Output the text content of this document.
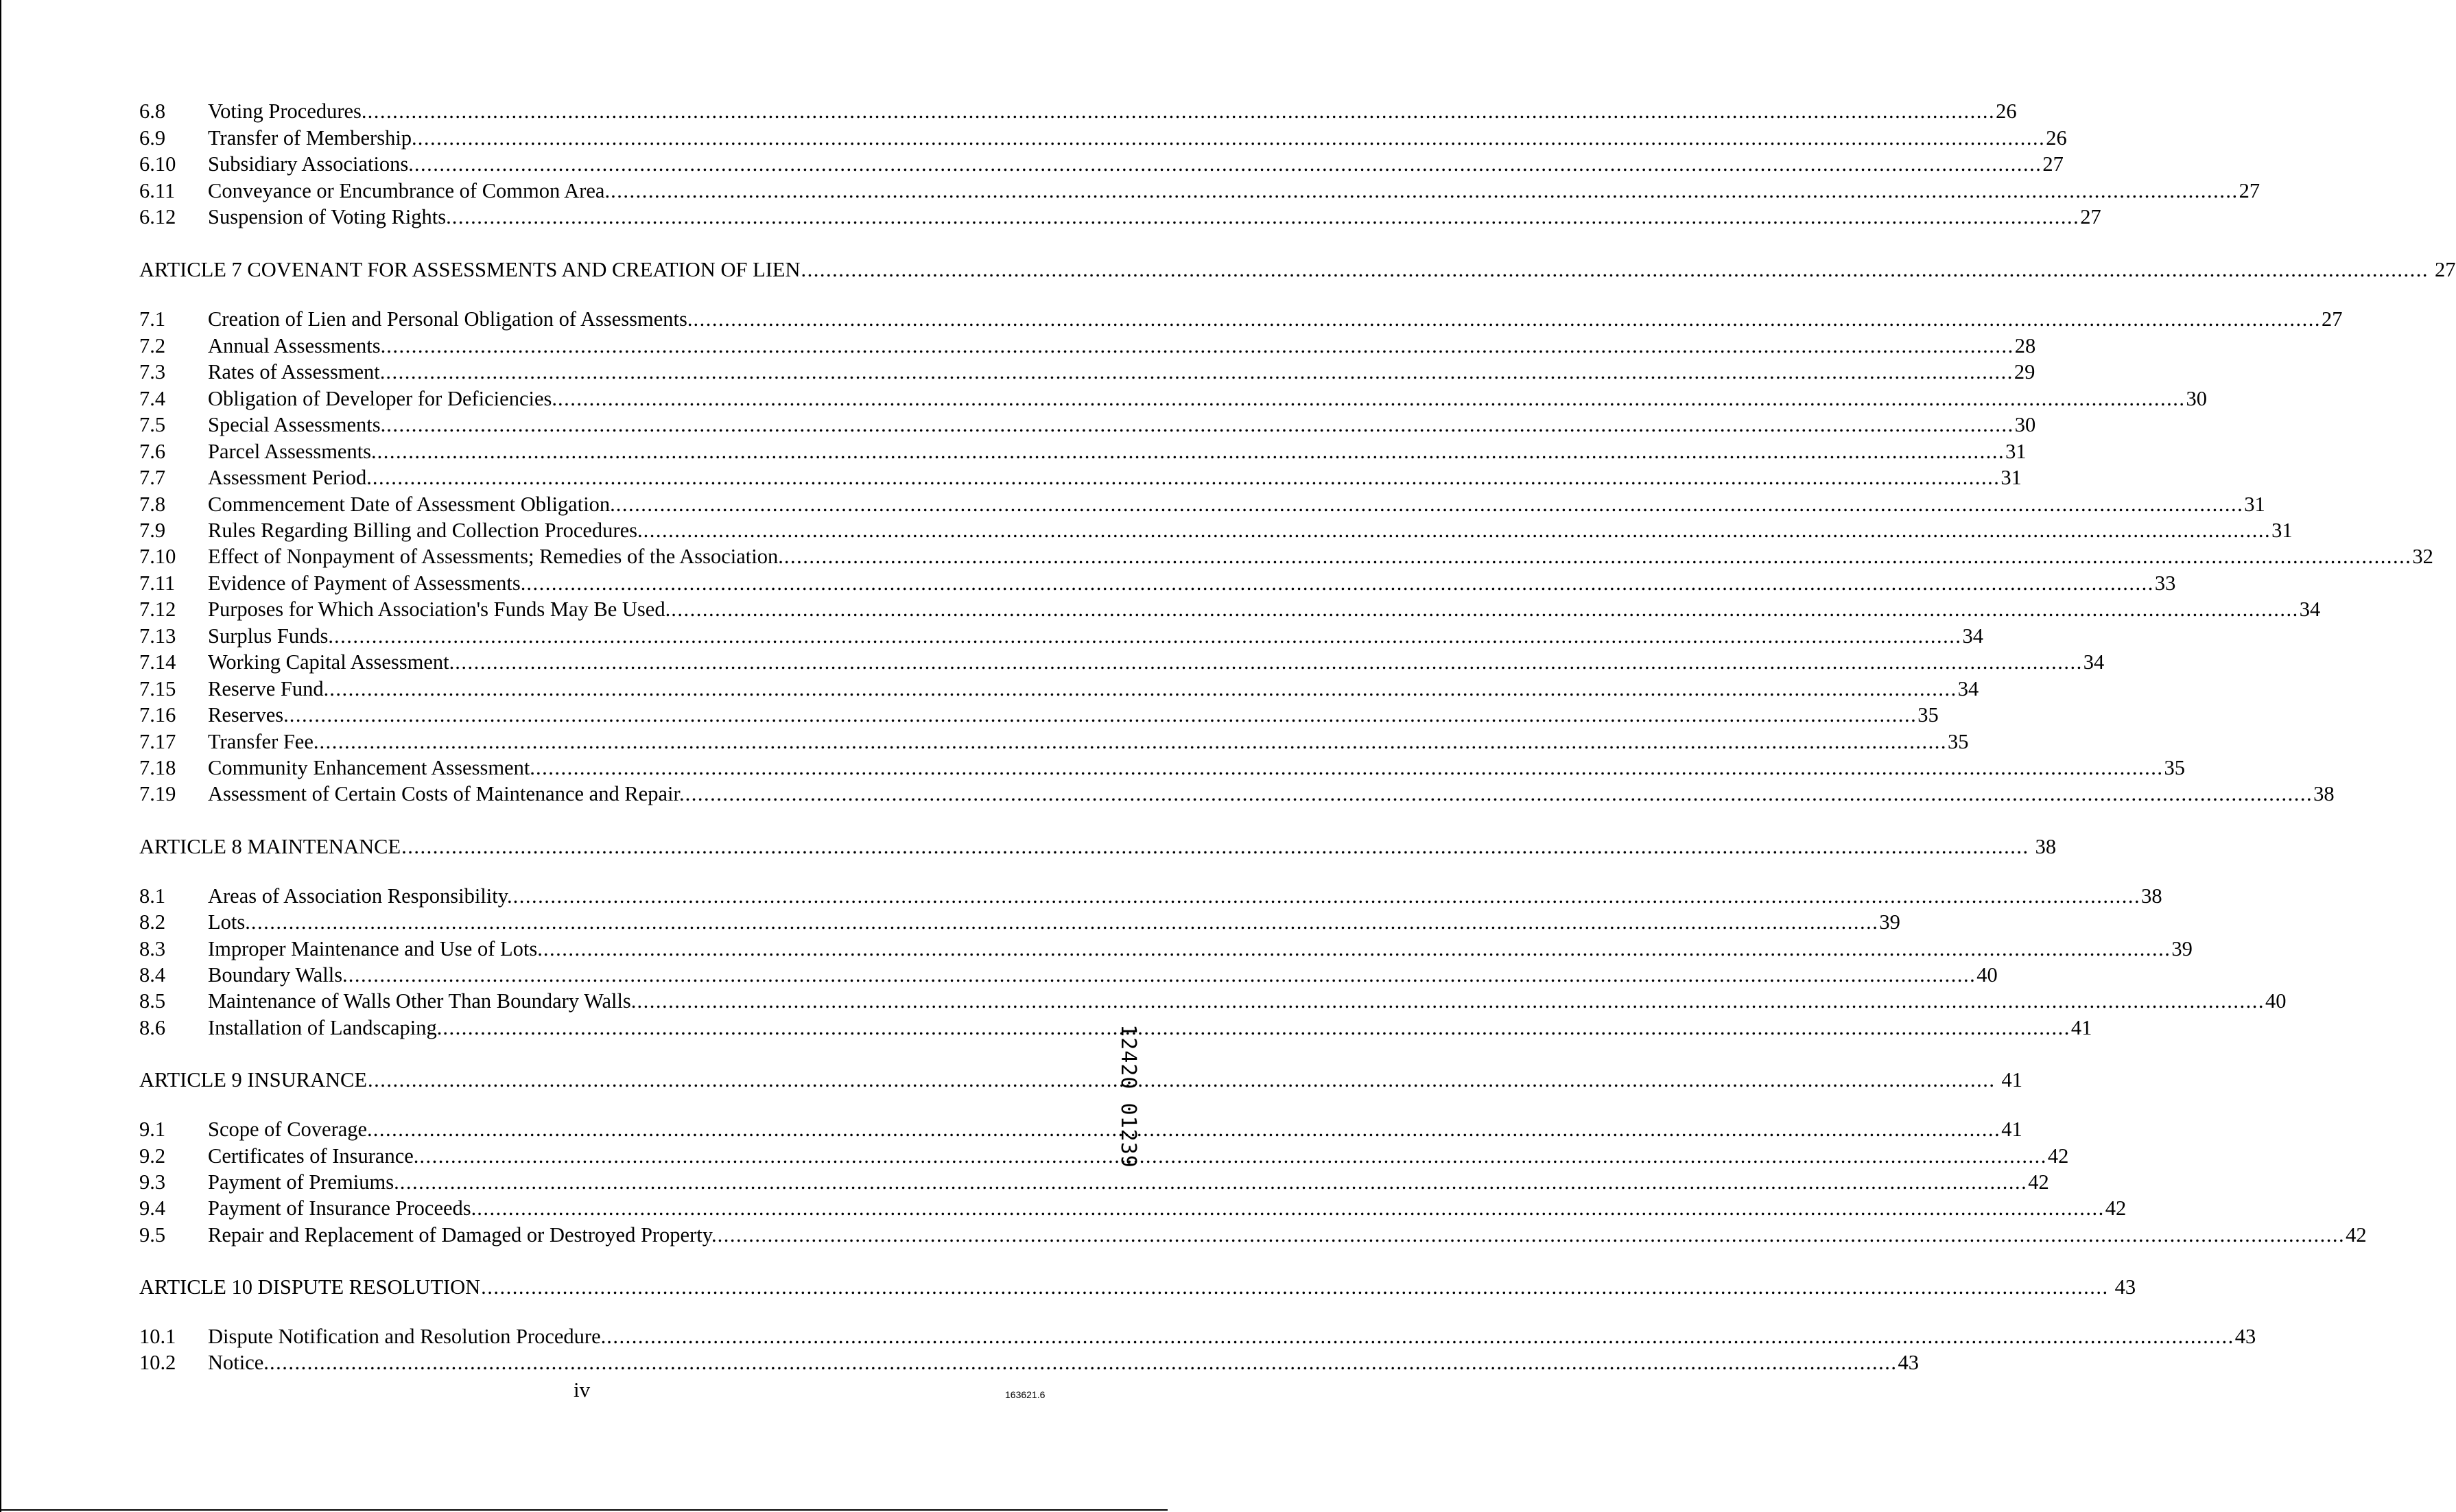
6.8 Voting Procedures. .................................................................................................................................................................................................................................................................... 26
6.9 Transfer of Membership. .................................................................................................................................................................................................................................................................... 26
6.10 Subsidiary Associations. .................................................................................................................................................................................................................................................................... 27
6.11 Conveyance or Encumbrance of Common Area. .................................................................................................................................................................................................................................................................... 27
6.12 Suspension of Voting Rights. .................................................................................................................................................................................................................................................................... 27
ARTICLE 7 COVENANT FOR ASSESSMENTS AND CREATION OF LIEN .................................................................................................................................................................................................................................................................... 27
7.1 Creation of Lien and Personal Obligation of Assessments. .................................................................................................................................................................................................................................................................... 27
7.2 Annual Assessments. .................................................................................................................................................................................................................................................................... 28
7.3 Rates of Assessment. .................................................................................................................................................................................................................................................................... 29
7.4 Obligation of Developer for Deficiencies. .................................................................................................................................................................................................................................................................... 30
7.5 Special Assessments. .................................................................................................................................................................................................................................................................... 30
7.6 Parcel Assessments. .................................................................................................................................................................................................................................................................... 31
7.7 Assessment Period. .................................................................................................................................................................................................................................................................... 31
7.8 Commencement Date of Assessment Obligation. .................................................................................................................................................................................................................................................................... 31
7.9 Rules Regarding Billing and Collection Procedures. .................................................................................................................................................................................................................................................................... 31
7.10 Effect of Nonpayment of Assessments; Remedies of the Association. .................................................................................................................................................................................................................................................................... 32
7.11 Evidence of Payment of Assessments. .................................................................................................................................................................................................................................................................... 33
7.12 Purposes for Which Association's Funds May Be Used. .................................................................................................................................................................................................................................................................... 34
7.13 Surplus Funds. .................................................................................................................................................................................................................................................................... 34
7.14 Working Capital Assessment. .................................................................................................................................................................................................................................................................... 34
7.15 Reserve Fund. .................................................................................................................................................................................................................................................................... 34
7.16 Reserves. .................................................................................................................................................................................................................................................................... 35
7.17 Transfer Fee. .................................................................................................................................................................................................................................................................... 35
7.18 Community Enhancement Assessment. .................................................................................................................................................................................................................................................................... 35
7.19 Assessment of Certain Costs of Maintenance and Repair. .................................................................................................................................................................................................................................................................... 38
ARTICLE 8 MAINTENANCE .................................................................................................................................................................................................................................................................... 38
8.1 Areas of Association Responsibility. .................................................................................................................................................................................................................................................................... 38
8.2 Lots. .................................................................................................................................................................................................................................................................... 39
8.3 Improper Maintenance and Use of Lots. .................................................................................................................................................................................................................................................................... 39
8.4 Boundary Walls. .................................................................................................................................................................................................................................................................... 40
8.5 Maintenance of Walls Other Than Boundary Walls. .................................................................................................................................................................................................................................................................... 40
8.6 Installation of Landscaping. .................................................................................................................................................................................................................................................................... 41
ARTICLE 9 INSURANCE .................................................................................................................................................................................................................................................................... 41
9.1 Scope of Coverage. .................................................................................................................................................................................................................................................................... 41
9.2 Certificates of Insurance. .................................................................................................................................................................................................................................................................... 42
9.3 Payment of Premiums. .................................................................................................................................................................................................................................................................... 42
9.4 Payment of Insurance Proceeds. .................................................................................................................................................................................................................................................................... 42
9.5 Repair and Replacement of Damaged or Destroyed Property. .................................................................................................................................................................................................................................................................... 42
ARTICLE 10 DISPUTE RESOLUTION .................................................................................................................................................................................................................................................................... 43
10.1 Dispute Notification and Resolution Procedure. .................................................................................................................................................................................................................................................................... 43
10.2 Notice. .................................................................................................................................................................................................................................................................... 43
iv	163621.6
12420 01239
